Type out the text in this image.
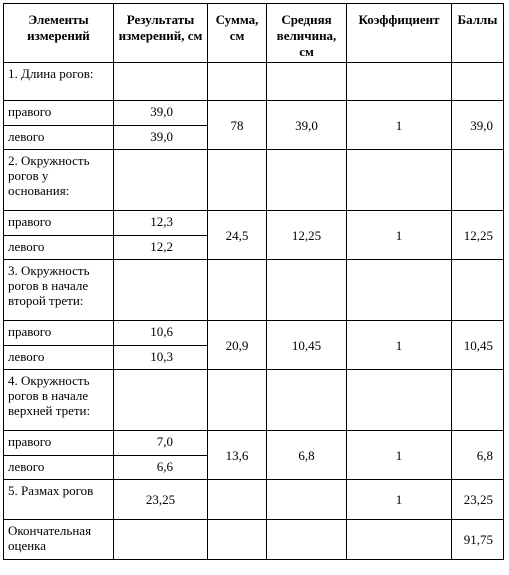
Элементы измерений	Результаты измерений, см	Сумма, см	Средняя величина, см	Коэффициент	Баллы
1. Длина рогов:					
правого	39,0	78	39,0	1	39,0
левого	39,0				
2. Окружность рогов у основания:					
правого	12,3	24,5	12,25	1	12,25
левого	12,2				
3. Окружность рогов в начале второй трети:					
правого	10,6	20,9	10,45	1	10,45
левого	10,3				
4. Окружность рогов в начале верхней трети:					
правого	7,0	13,6	6,8	1	6,8
левого	6,6				
5. Размах рогов	23,25			1	23,25
Окончательная оценка					91,75
